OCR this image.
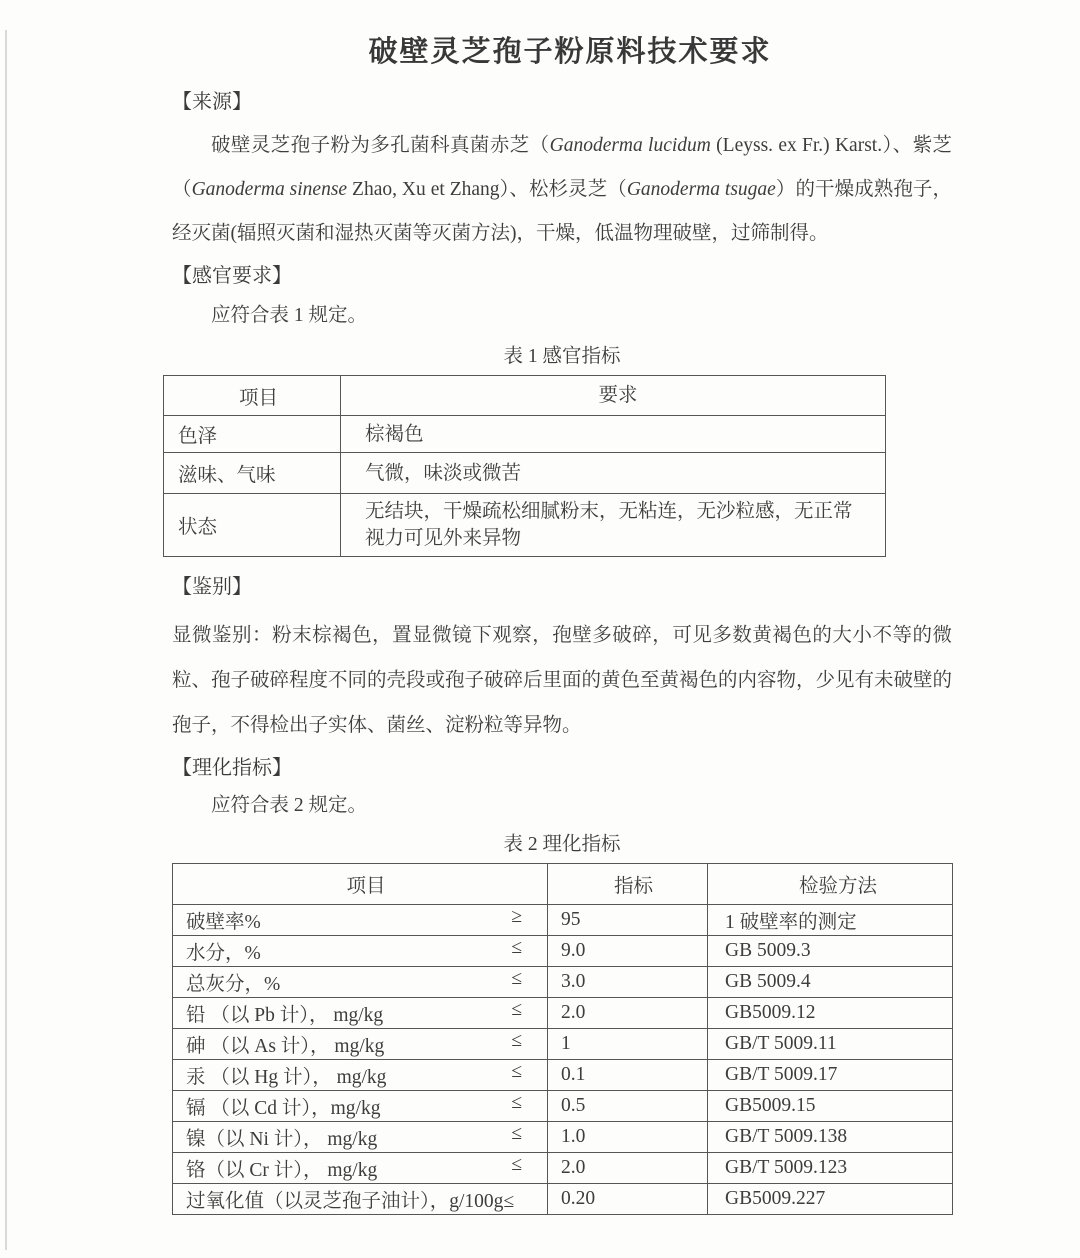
破壁灵芝孢子粉原料技术要求
【来源】

破壁灵芝孢子粉为多孔菌科真菌赤芝（Ganoderma lucidum (Leyss. ex Fr.) Karst.）、紫芝（Ganoderma sinense Zhao, Xu et Zhang）、松杉灵芝（Ganoderma tsugae）的干燥成熟孢子，经灭菌(辐照灭菌和湿热灭菌等灭菌方法)，干燥，低温物理破壁，过筛制得。

【感官要求】

应符合表 1 规定。

表 1 感官指标
项目	要求
色泽	棕褐色
滋味、气味	气微，味淡或微苦
状态	无结块，干燥疏松细腻粉末，无粘连，无沙粒感，无正常视力可见外来异物
【鉴别】

显微鉴别：粉末棕褐色，置显微镜下观察，孢壁多破碎，可见多数黄褐色的大小不等的微粒、孢子破碎程度不同的壳段或孢子破碎后里面的黄色至黄褐色的内容物，少见有未破壁的孢子，不得检出子实体、菌丝、淀粉粒等异物。

【理化指标】

应符合表 2 规定。

表 2 理化指标
项目	指标	检验方法
破壁率% ≥	95	1 破壁率的测定
水分，% ≤	9.0	GB 5009.3
总灰分，% ≤	3.0	GB 5009.4
铅 （以 Pb 计）， mg/kg ≤	2.0	GB5009.12
砷 （以 As 计）， mg/kg ≤	1	GB/T 5009.11
汞 （以 Hg 计）， mg/kg ≤	0.1	GB/T 5009.17
镉 （以 Cd 计），mg/kg ≤	0.5	GB5009.15
镍（以 Ni 计）， mg/kg ≤	1.0	GB/T 5009.138
铬（以 Cr 计）， mg/kg ≤	2.0	GB/T 5009.123
过氧化值（以灵芝孢子油计），g/100g≤	0.20	GB5009.227
